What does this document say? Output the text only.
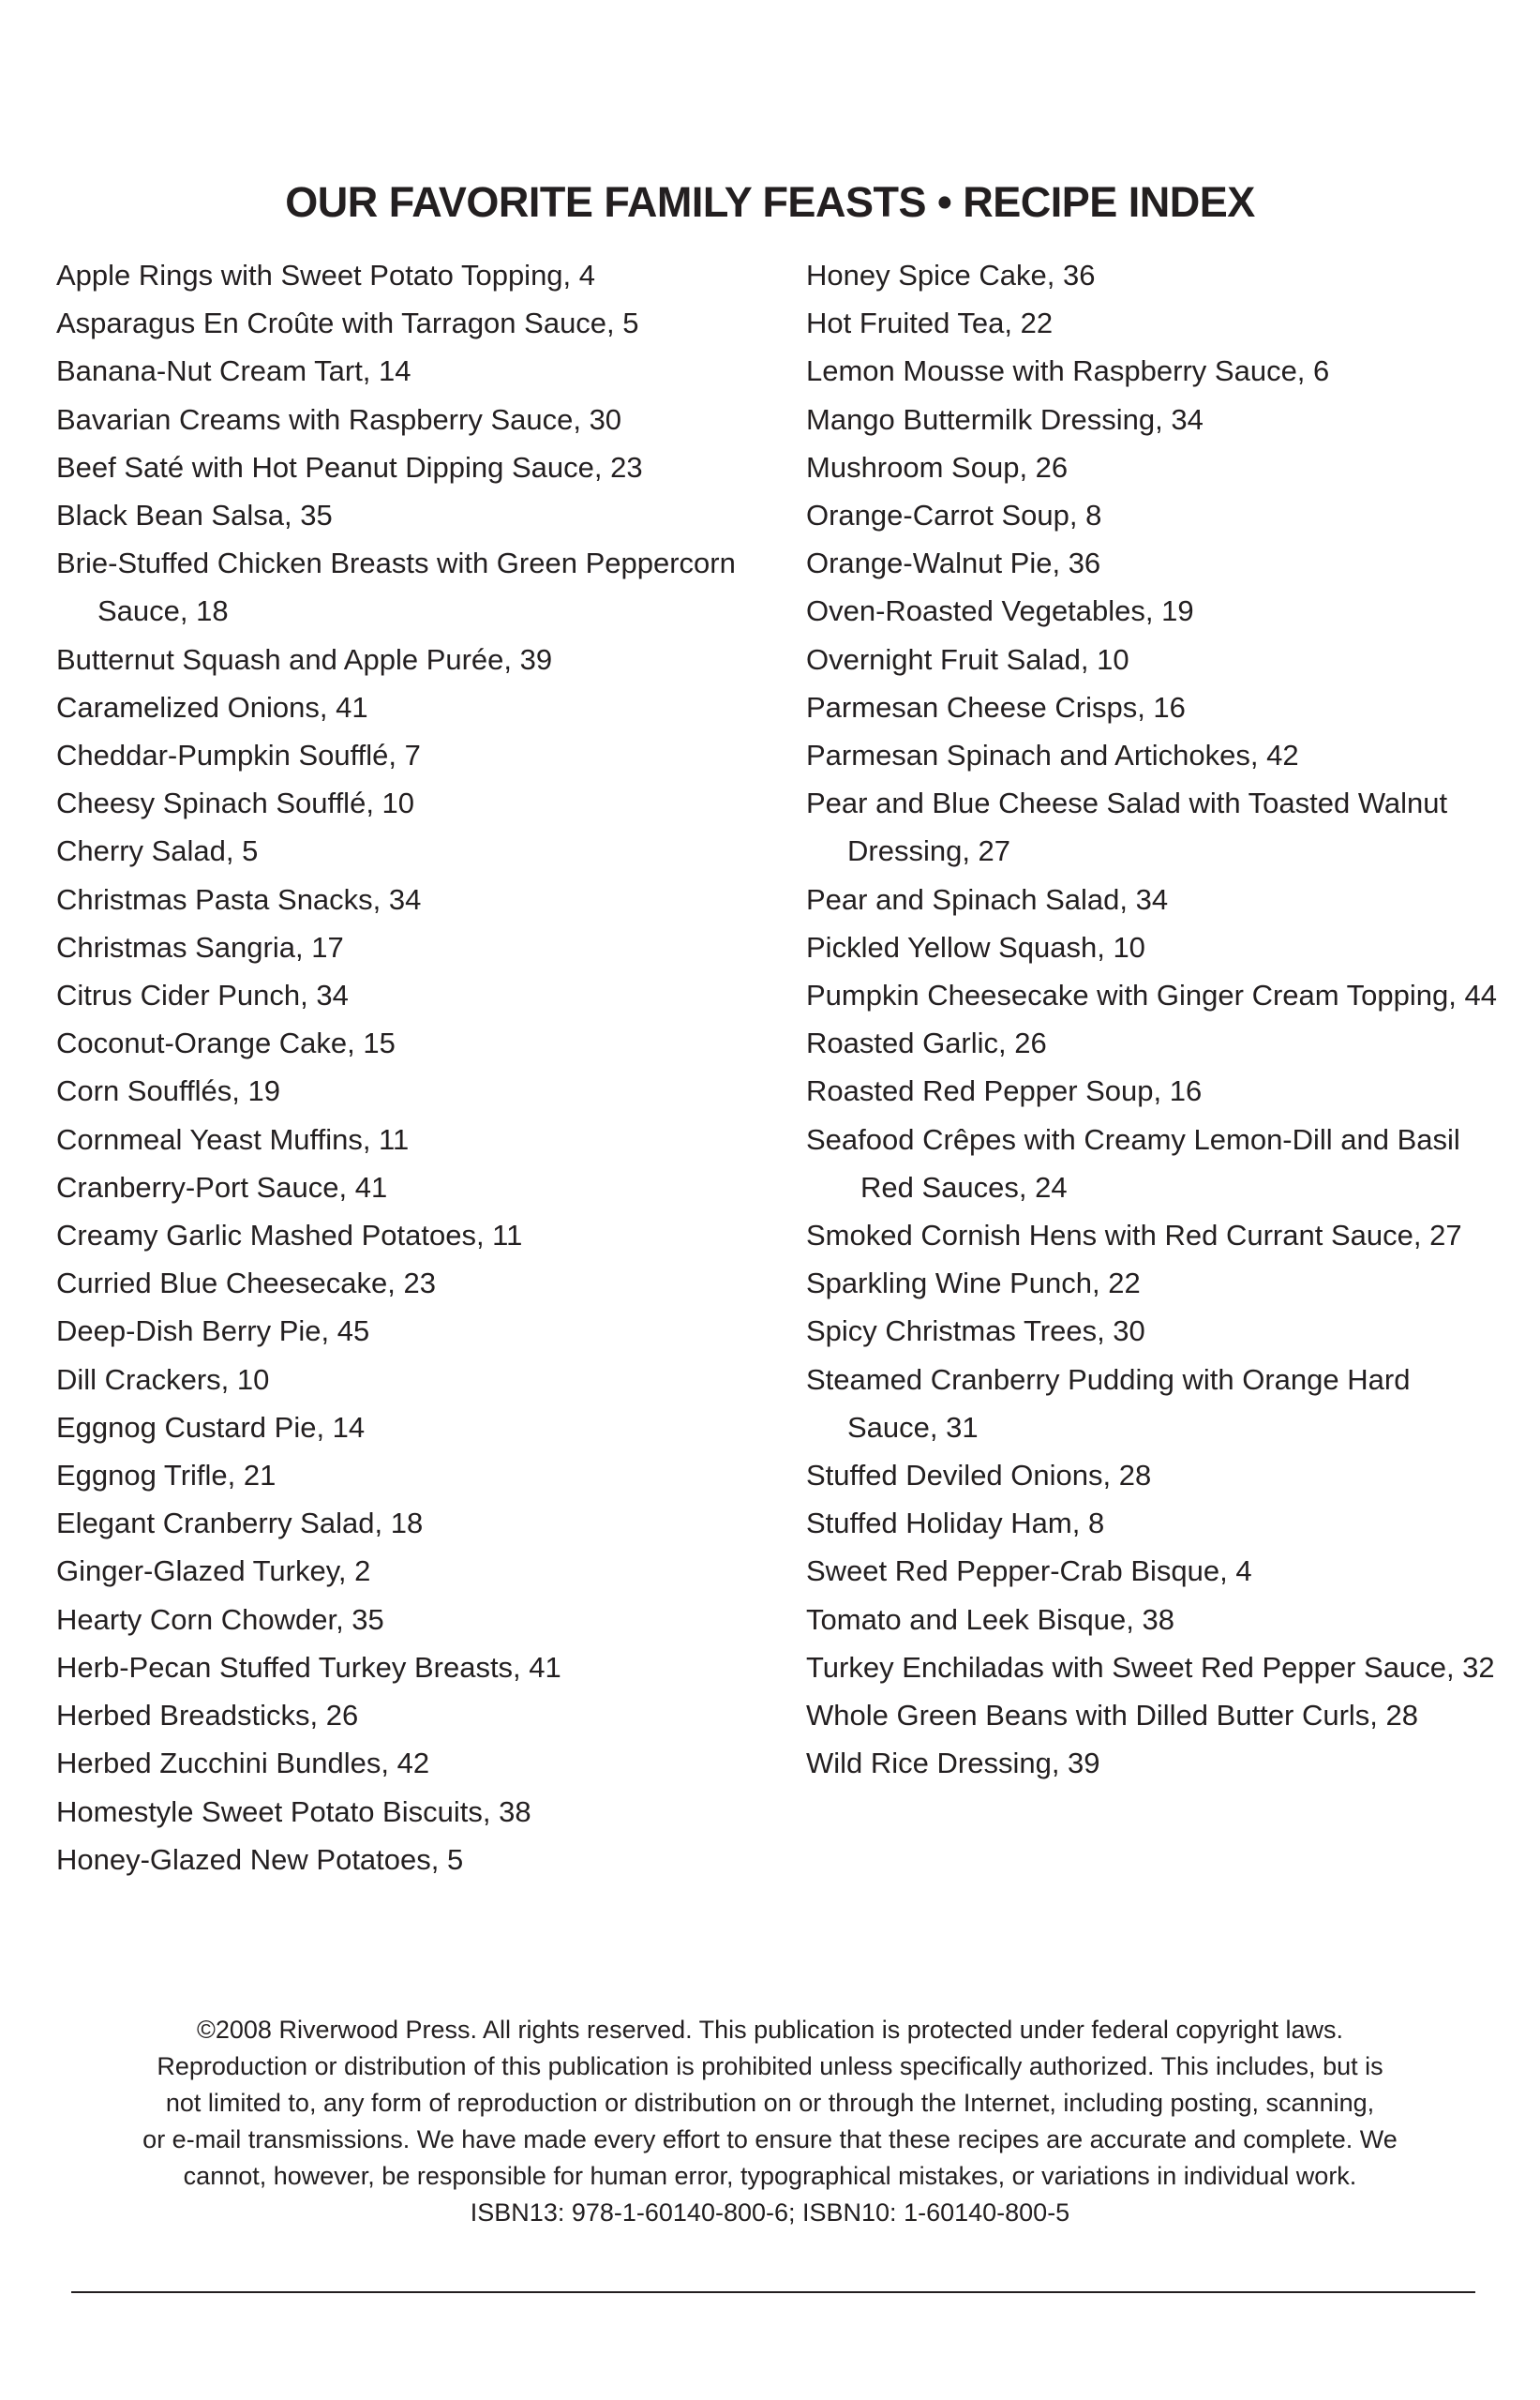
OUR FAVORITE FAMILY FEASTS • RECIPE INDEX
Apple Rings with Sweet Potato Topping, 4
Asparagus En Croûte with Tarragon Sauce, 5
Banana-Nut Cream Tart, 14
Bavarian Creams with Raspberry Sauce, 30
Beef Saté with Hot Peanut Dipping Sauce, 23
Black Bean Salsa, 35
Brie-Stuffed Chicken Breasts with Green Peppercorn
Sauce, 18
Butternut Squash and Apple Purée, 39
Caramelized Onions, 41
Cheddar-Pumpkin Soufflé, 7
Cheesy Spinach Soufflé, 10
Cherry Salad, 5
Christmas Pasta Snacks, 34
Christmas Sangria, 17
Citrus Cider Punch, 34
Coconut-Orange Cake, 15
Corn Soufflés, 19
Cornmeal Yeast Muffins, 11
Cranberry-Port Sauce, 41
Creamy Garlic Mashed Potatoes, 11
Curried Blue Cheesecake, 23
Deep-Dish Berry Pie, 45
Dill Crackers, 10
Eggnog Custard Pie, 14
Eggnog Trifle, 21
Elegant Cranberry Salad, 18
Ginger-Glazed Turkey, 2
Hearty Corn Chowder, 35
Herb-Pecan Stuffed Turkey Breasts, 41
Herbed Breadsticks, 26
Herbed Zucchini Bundles, 42
Homestyle Sweet Potato Biscuits, 38
Honey-Glazed New Potatoes, 5
Honey Spice Cake, 36
Hot Fruited Tea, 22
Lemon Mousse with Raspberry Sauce, 6
Mango Buttermilk Dressing, 34
Mushroom Soup, 26
Orange-Carrot Soup, 8
Orange-Walnut Pie, 36
Oven-Roasted Vegetables, 19
Overnight Fruit Salad, 10
Parmesan Cheese Crisps, 16
Parmesan Spinach and Artichokes, 42
Pear and Blue Cheese Salad with Toasted Walnut
Dressing, 27
Pear and Spinach Salad, 34
Pickled Yellow Squash, 10
Pumpkin Cheesecake with Ginger Cream Topping, 44
Roasted Garlic, 26
Roasted Red Pepper Soup, 16
Seafood Crêpes with Creamy Lemon-Dill and Basil
Red Sauces, 24
Smoked Cornish Hens with Red Currant Sauce, 27
Sparkling Wine Punch, 22
Spicy Christmas Trees, 30
Steamed Cranberry Pudding with Orange Hard
Sauce, 31
Stuffed Deviled Onions, 28
Stuffed Holiday Ham, 8
Sweet Red Pepper-Crab Bisque, 4
Tomato and Leek Bisque, 38
Turkey Enchiladas with Sweet Red Pepper Sauce, 32
Whole Green Beans with Dilled Butter Curls, 28
Wild Rice Dressing, 39

©2008 Riverwood Press. All rights reserved. This publication is protected under federal copyright laws.

Reproduction or distribution of this publication is prohibited unless specifically authorized. This includes, but is

not limited to, any form of reproduction or distribution on or through the Internet, including posting, scanning,

or e-mail transmissions. We have made every effort to ensure that these recipes are accurate and complete. We

cannot, however, be responsible for human error, typographical mistakes, or variations in individual work.

ISBN13: 978-1-60140-800-6; ISBN10: 1-60140-800-5
